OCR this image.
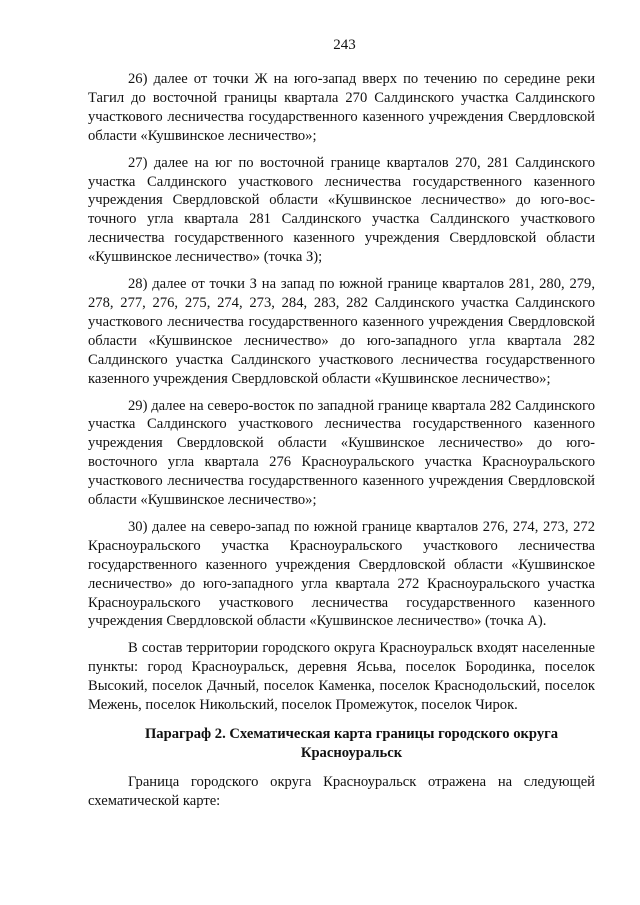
243

26) далее от точки Ж на юго-запад вверх по течению по середине реки Тагил до восточной границы квартала 270 Салдинского участка Салдинского участкового лесничества государственного казенного учреждения Свердловской области «Кушвинское лесничество»;

27) далее на юг по восточной границе кварталов 270, 281 Салдинского участка Салдинского участкового лесничества государственного казенного учреждения Свердловской области «Кушвинское лесничество» до юго-восточного угла квартала 281 Салдинского участка Салдинского участкового лесничества государственного казенного учреждения Свердловской области «Кушвинское лесничество» (точка З);

28) далее от точки З на запад по южной границе кварталов 281, 280, 279, 278, 277, 276, 275, 274, 273, 284, 283, 282 Салдинского участка Салдинского участкового лесничества государственного казенного учреждения Свердловской области «Кушвинское лесничество» до юго-западного угла квартала 282 Салдинского участка Салдинского участкового лесничества государственного казенного учреждения Свердловской области «Кушвинское лесничество»;

29) далее на северо-восток по западной границе квартала 282 Салдинского участка Салдинского участкового лесничества государственного казенного учреждения Свердловской области «Кушвинское лесничество» до юго-восточного угла квартала 276 Красноуральского участка Красноуральского участкового лесничества государственного казенного учреждения Свердловской области «Кушвинское лесничество»;

30) далее на северо-запад по южной границе кварталов 276, 274, 273, 272 Красноуральского участка Красноуральского участкового лесничества государственного казенного учреждения Свердловской области «Кушвинское лесничество» до юго-западного угла квартала 272 Красноуральского участка Красноуральского участкового лесничества государственного казенного учреждения Свердловской области «Кушвинское лесничество» (точка А).

В состав территории городского округа Красноуральск входят населенные пункты: город Красноуральск, деревня Ясьва, поселок Бородинка, поселок Высокий, поселок Дачный, поселок Каменка, поселок Краснодольский, поселок Межень, поселок Никольский, поселок Промежуток, поселок Чирок.

Параграф 2. Схематическая карта границы городского округа
Красноуральск

Граница городского округа Красноуральск отражена на следующей схематической карте:
